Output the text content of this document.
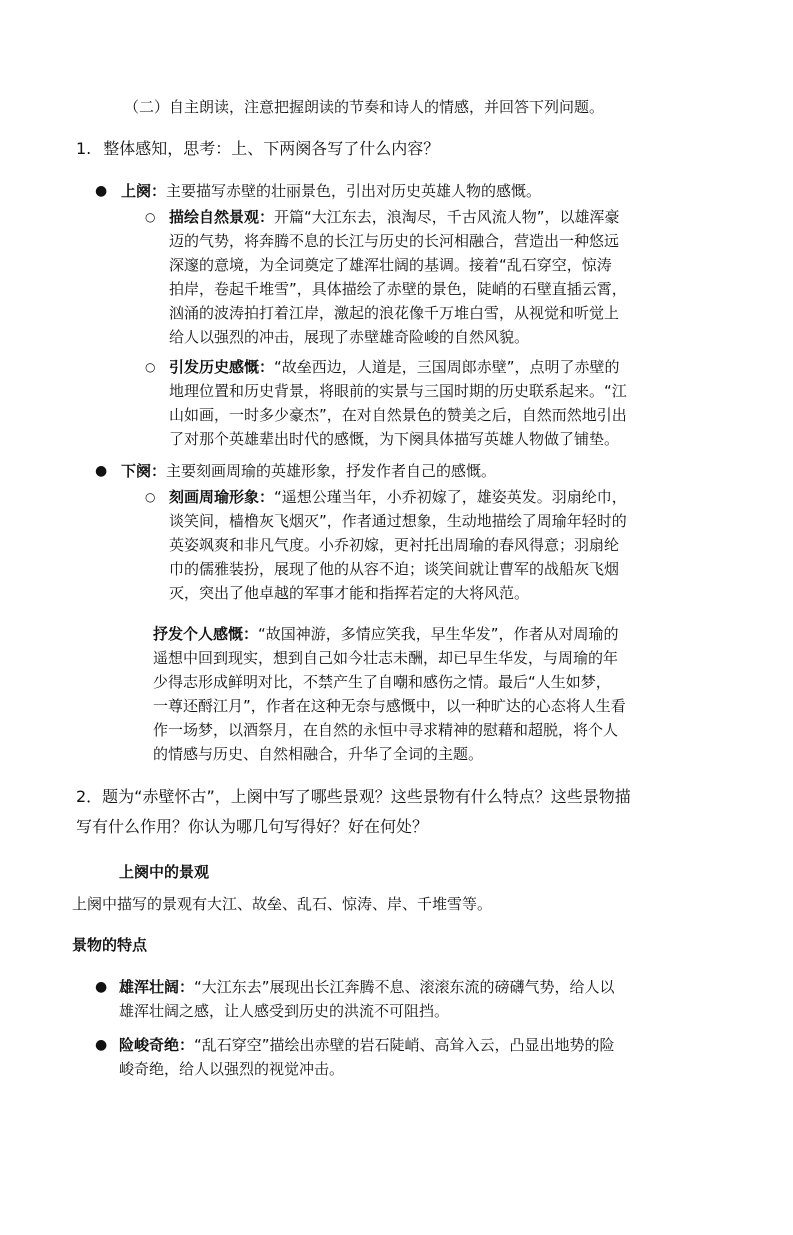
（二）自主朗读，注意把握朗读的节奏和诗人的情感，并回答下列问题。

1. 整体感知，思考：上、下两阕各写了什么内容？

● 上阕：主要描写赤壁的壮丽景色，引出对历史英雄人物的感慨。

○ 描绘自然景观：开篇“大江东去，浪淘尽，千古风流人物”，以雄浑豪
迈的气势，将奔腾不息的长江与历史的长河相融合，营造出一种悠远
深邃的意境，为全词奠定了雄浑壮阔的基调。接着“乱石穿空，惊涛
拍岸，卷起千堆雪”，具体描绘了赤壁的景色，陡峭的石壁直插云霄，
汹涌的波涛拍打着江岸，激起的浪花像千万堆白雪，从视觉和听觉上
给人以强烈的冲击，展现了赤壁雄奇险峻的自然风貌。
○ 引发历史感慨：“故垒西边，人道是，三国周郎赤壁”，点明了赤壁的
地理位置和历史背景，将眼前的实景与三国时期的历史联系起来。“江
山如画，一时多少豪杰”，在对自然景色的赞美之后，自然而然地引出
了对那个英雄辈出时代的感慨，为下阕具体描写英雄人物做了铺垫。
● 下阕：主要刻画周瑜的英雄形象，抒发作者自己的感慨。

○ 刻画周瑜形象：“遥想公瑾当年，小乔初嫁了，雄姿英发。羽扇纶巾，
谈笑间，樯橹灰飞烟灭”，作者通过想象，生动地描绘了周瑜年轻时的
英姿飒爽和非凡气度。小乔初嫁，更衬托出周瑜的春风得意；羽扇纶
巾的儒雅装扮，展现了他的从容不迫；谈笑间就让曹军的战船灰飞烟
灭，突出了他卓越的军事才能和指挥若定的大将风范。
抒发个人感慨：“故国神游，多情应笑我，早生华发”，作者从对周瑜的
遥想中回到现实，想到自己如今壮志未酬，却已早生华发，与周瑜的年
少得志形成鲜明对比，不禁产生了自嘲和感伤之情。最后“人生如梦，
一尊还酹江月”，作者在这种无奈与感慨中，以一种旷达的心态将人生看
作一场梦，以酒祭月，在自然的永恒中寻求精神的慰藉和超脱，将个人
的情感与历史、自然相融合，升华了全词的主题。
2．题为“赤壁怀古”，上阕中写了哪些景观？这些景物有什么特点？这些景物描
写有什么作用？你认为哪几句写得好？好在何处？

上阕中的景观

上阕中描写的景观有大江、故垒、乱石、惊涛、岸、千堆雪等。

景物的特点

● 雄浑壮阔：“大江东去”展现出长江奔腾不息、滚滚东流的磅礴气势，给人以
雄浑壮阔之感，让人感受到历史的洪流不可阻挡。
● 险峻奇绝：“乱石穿空”描绘出赤壁的岩石陡峭、高耸入云，凸显出地势的险
峻奇绝，给人以强烈的视觉冲击。
